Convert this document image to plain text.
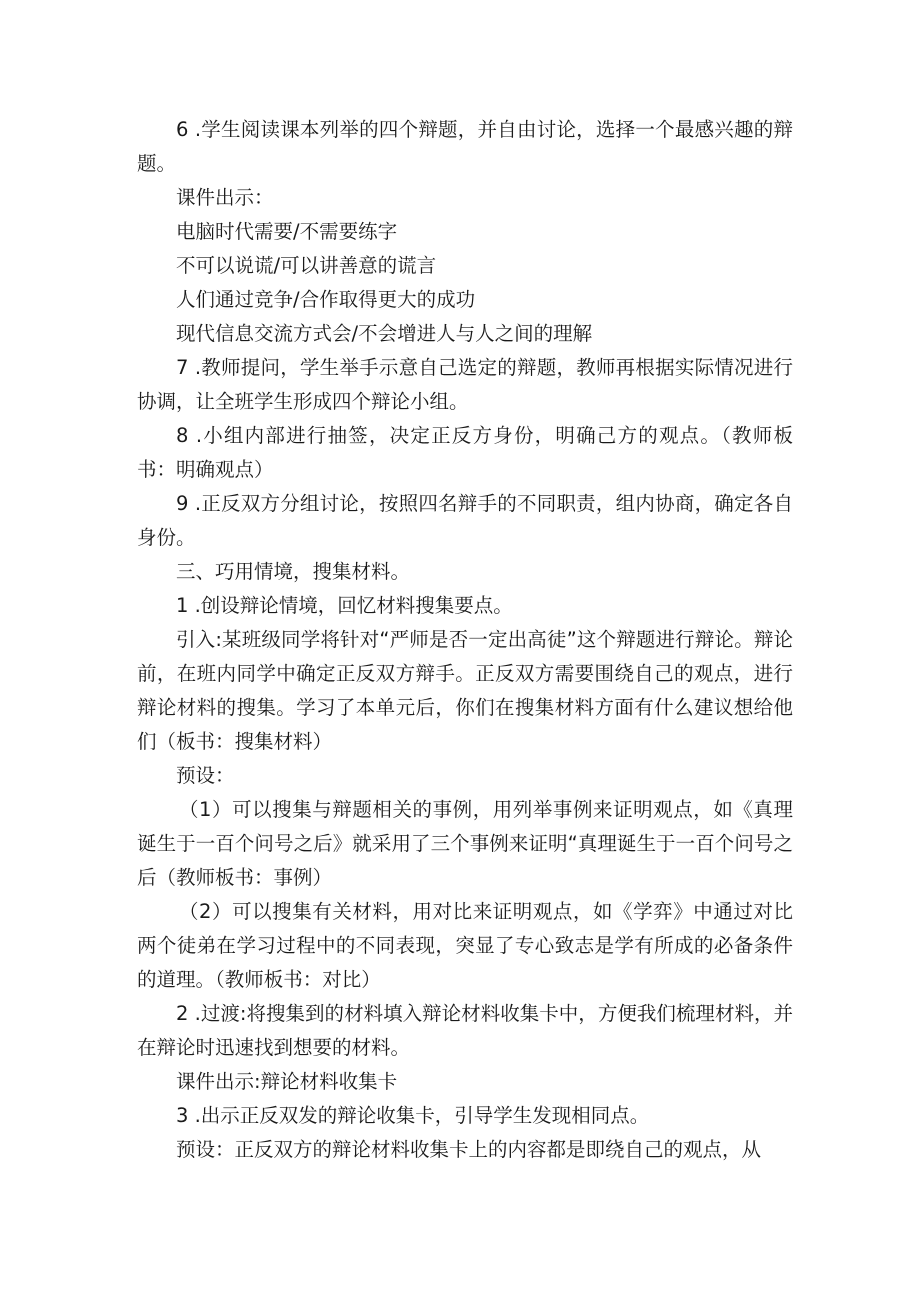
6 .学生阅读课本列举的四个辩题，并自由讨论，选择一个最感兴趣的辩题。

课件出示：

电脑时代需要/不需要练字

不可以说谎/可以讲善意的谎言

人们通过竞争/合作取得更大的成功

现代信息交流方式会/不会增进人与人之间的理解

7 .教师提问，学生举手示意自己选定的辩题，教师再根据实际情况进行协调，让全班学生形成四个辩论小组。

8 .小组内部进行抽签，决定正反方身份，明确己方的观点。（教师板书：明确观点）

9 .正反双方分组讨论，按照四名辩手的不同职责，组内协商，确定各自身份。

三、巧用情境，搜集材料。

1 .创设辩论情境，回忆材料搜集要点。

引入:某班级同学将针对“严师是否一定出高徒”这个辩题进行辩论。辩论前，在班内同学中确定正反双方辩手。正反双方需要围绕自己的观点，进行辩论材料的搜集。学习了本单元后，你们在搜集材料方面有什么建议想给他们（板书：搜集材料）

预设：

（1）可以搜集与辩题相关的事例，用列举事例来证明观点，如《真理诞生于一百个问号之后》就采用了三个事例来证明“真理诞生于一百个问号之后（教师板书：事例）

（2）可以搜集有关材料，用对比来证明观点，如《学弈》中通过对比两个徒弟在学习过程中的不同表现，突显了专心致志是学有所成的必备条件的道理。（教师板书：对比）

2 .过渡:将搜集到的材料填入辩论材料收集卡中，方便我们梳理材料，并在辩论时迅速找到想要的材料。

课件出示:辩论材料收集卡

3 .出示正反双发的辩论收集卡，引导学生发现相同点。

预设：正反双方的辩论材料收集卡上的内容都是即绕自己的观点，从
